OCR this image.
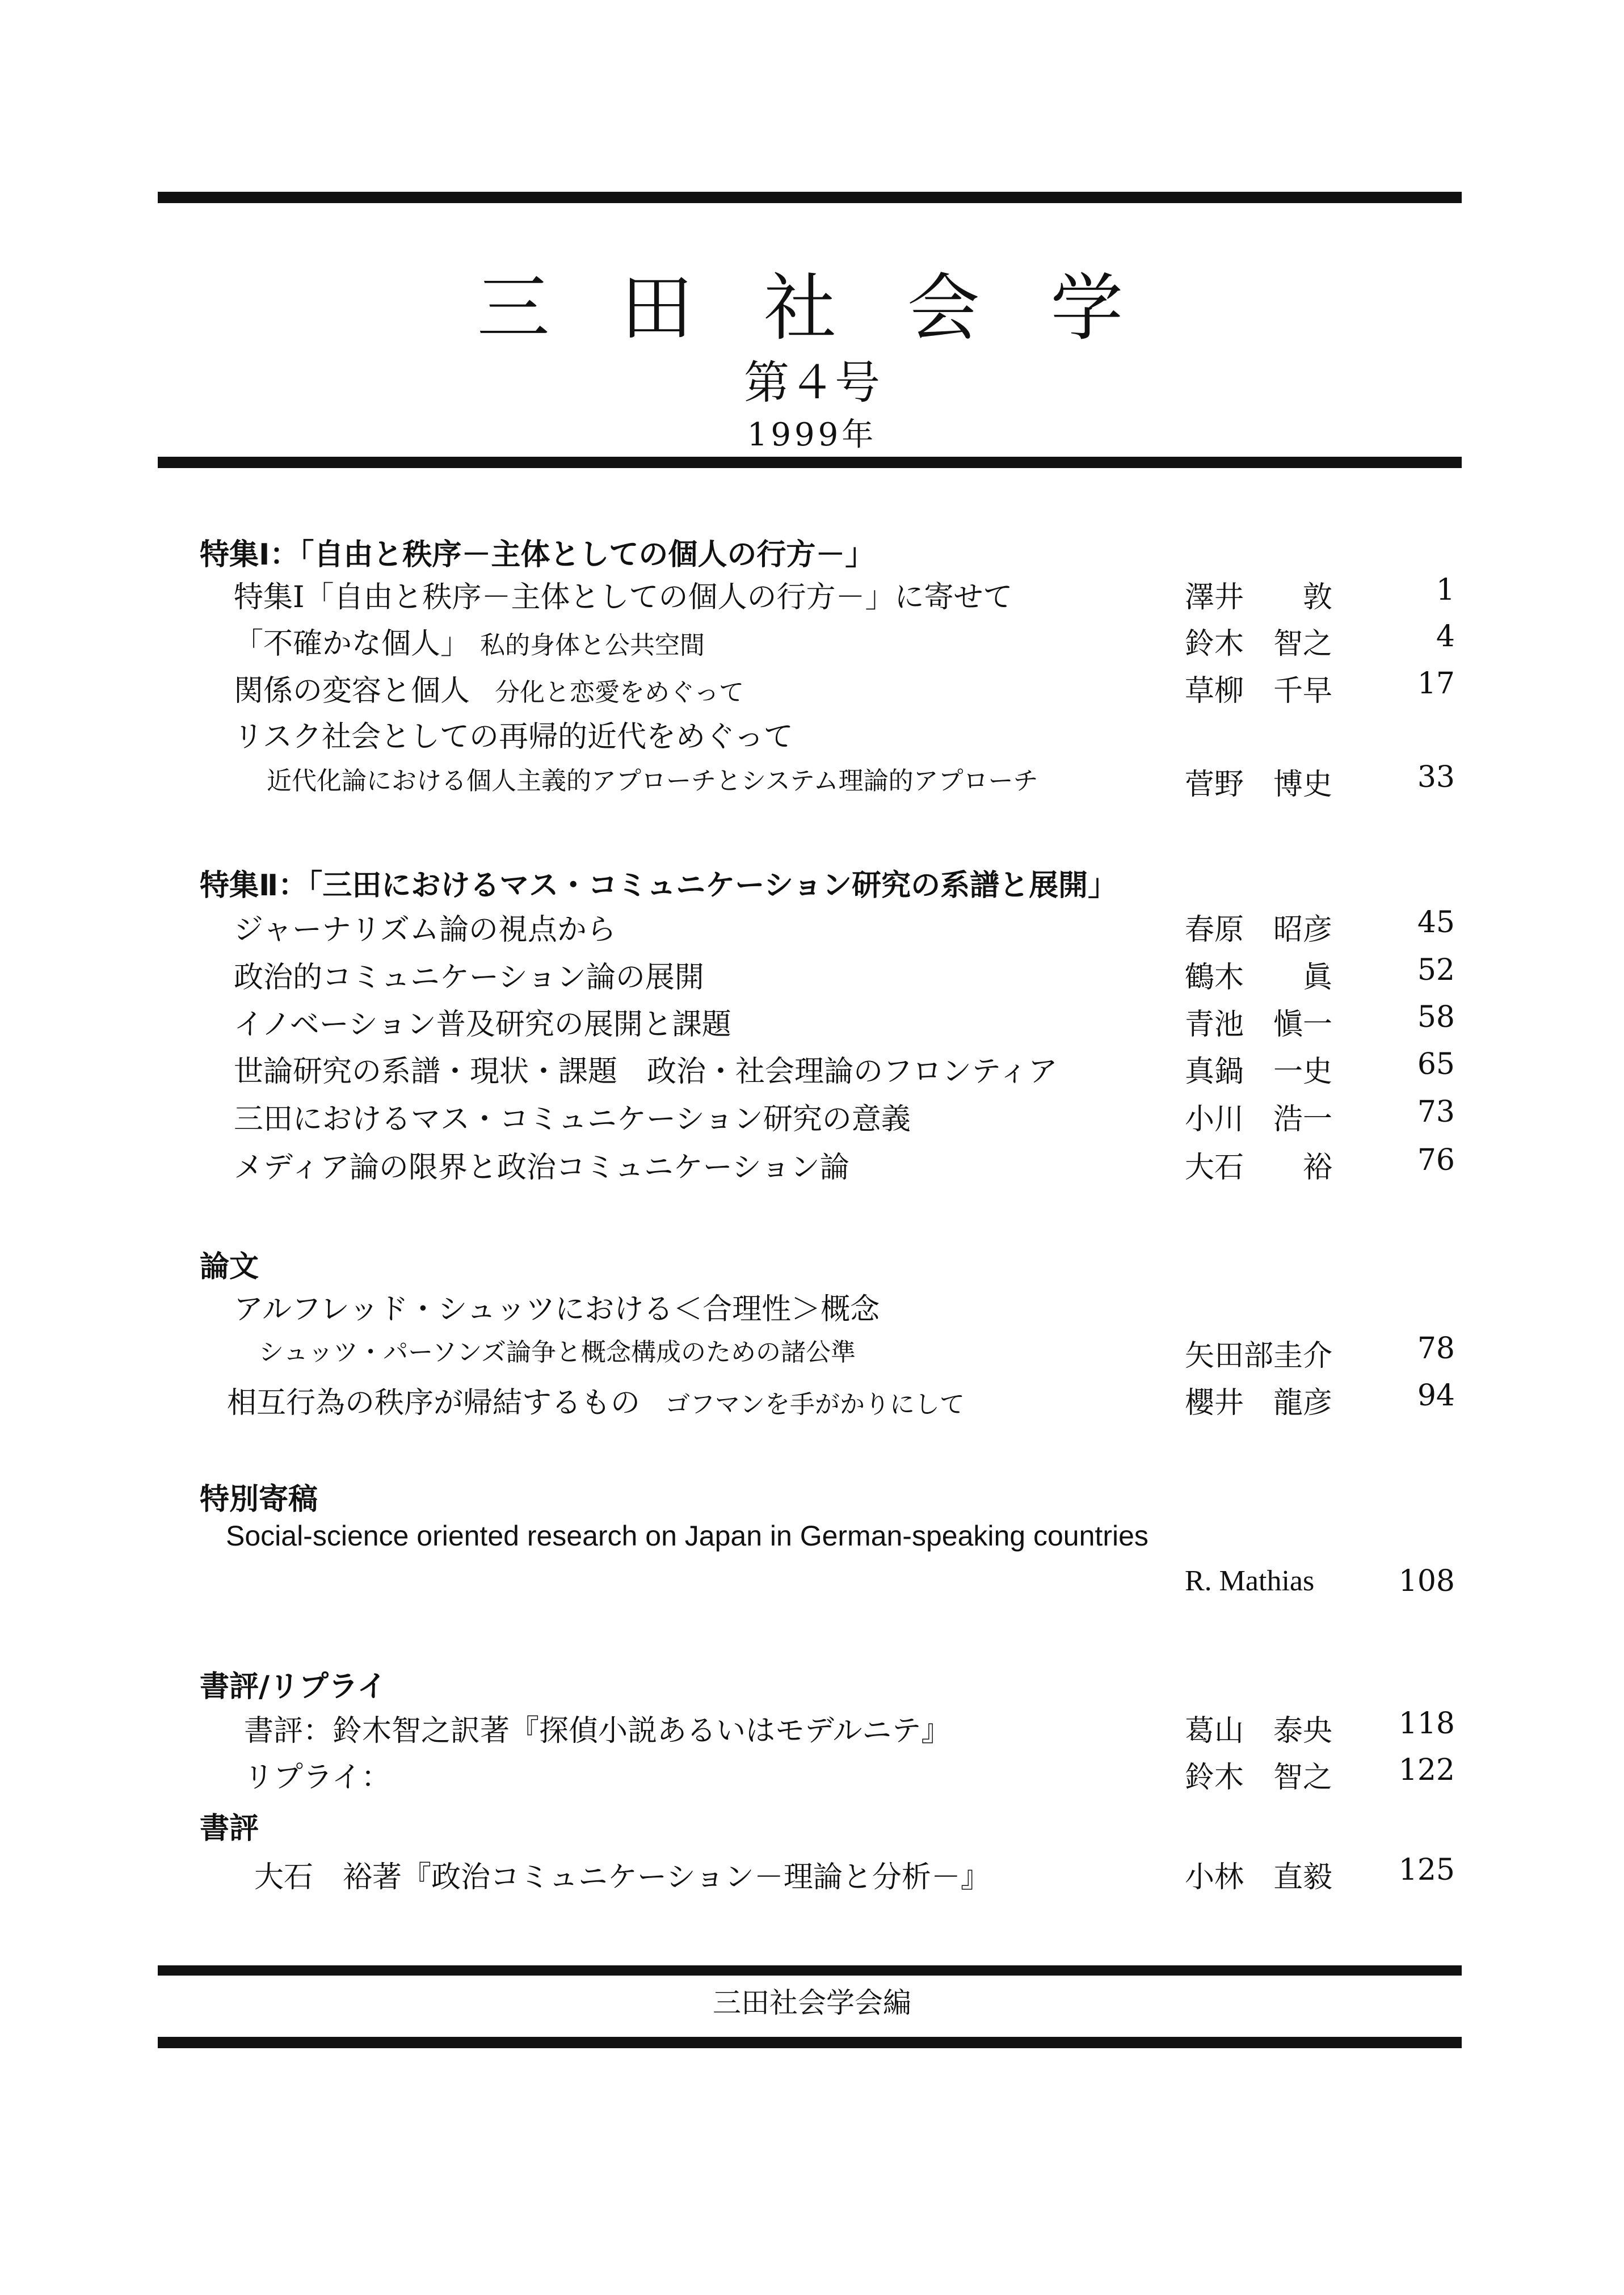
三 田 社 会 学
第４号
1999年
特集Ⅰ：「自由と秩序－主体としての個人の行方－」
特集Ⅰ「自由と秩序－主体としての個人の行方－」に寄せて	澤井　　敦	1
「不確かな個人」　私的身体と公共空間	鈴木　智之	4
関係の変容と個人　分化と恋愛をめぐって	草柳　千早	17
リスク社会としての再帰的近代をめぐって
近代化論における個人主義的アプローチとシステム理論的アプローチ	菅野　博史	33
特集Ⅱ：「三田におけるマス・コミュニケーション研究の系譜と展開」
ジャーナリズム論の視点から	春原　昭彦	45
政治的コミュニケーション論の展開	鶴木　　眞	52
イノベーション普及研究の展開と課題	青池　愼一	58
世論研究の系譜・現状・課題　政治・社会理論のフロンティア	真鍋　一史	65
三田におけるマス・コミュニケーション研究の意義	小川　浩一	73
メディア論の限界と政治コミュニケーション論	大石　　裕	76
論文
アルフレッド・シュッツにおける＜合理性＞概念
シュッツ・パーソンズ論争と概念構成のための諸公準	矢田部圭介	78
相互行為の秩序が帰結するもの　ゴフマンを手がかりにして	櫻井　龍彦	94
特別寄稿
Social-science oriented research on Japan in German-speaking countries
R. Mathias	108
書評/リプライ
書評：鈴木智之訳著『探偵小説あるいはモデルニテ』	葛山　泰央	118
リプライ：	鈴木　智之	122
書評
大石　裕著『政治コミュニケーション－理論と分析－』	小林　直毅	125
三田社会学会編
